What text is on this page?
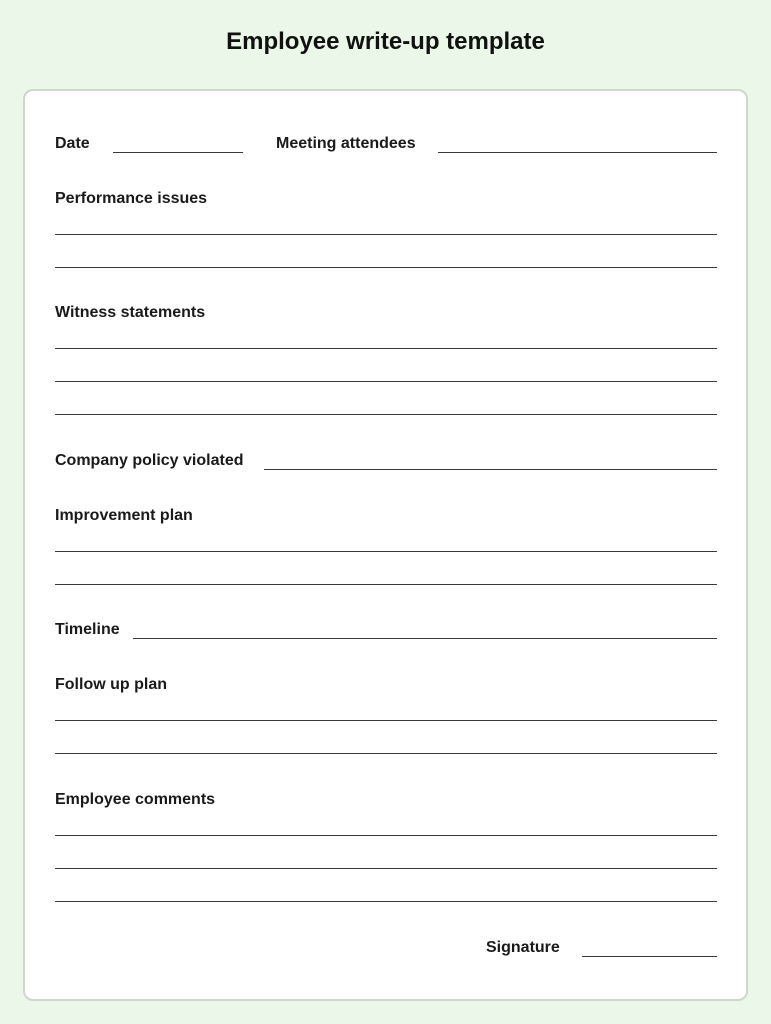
Employee write-up template
Date	Meeting attendees
Performance issues
Witness statements
Company policy violated
Improvement plan
Timeline
Follow up plan
Employee comments
Signature
